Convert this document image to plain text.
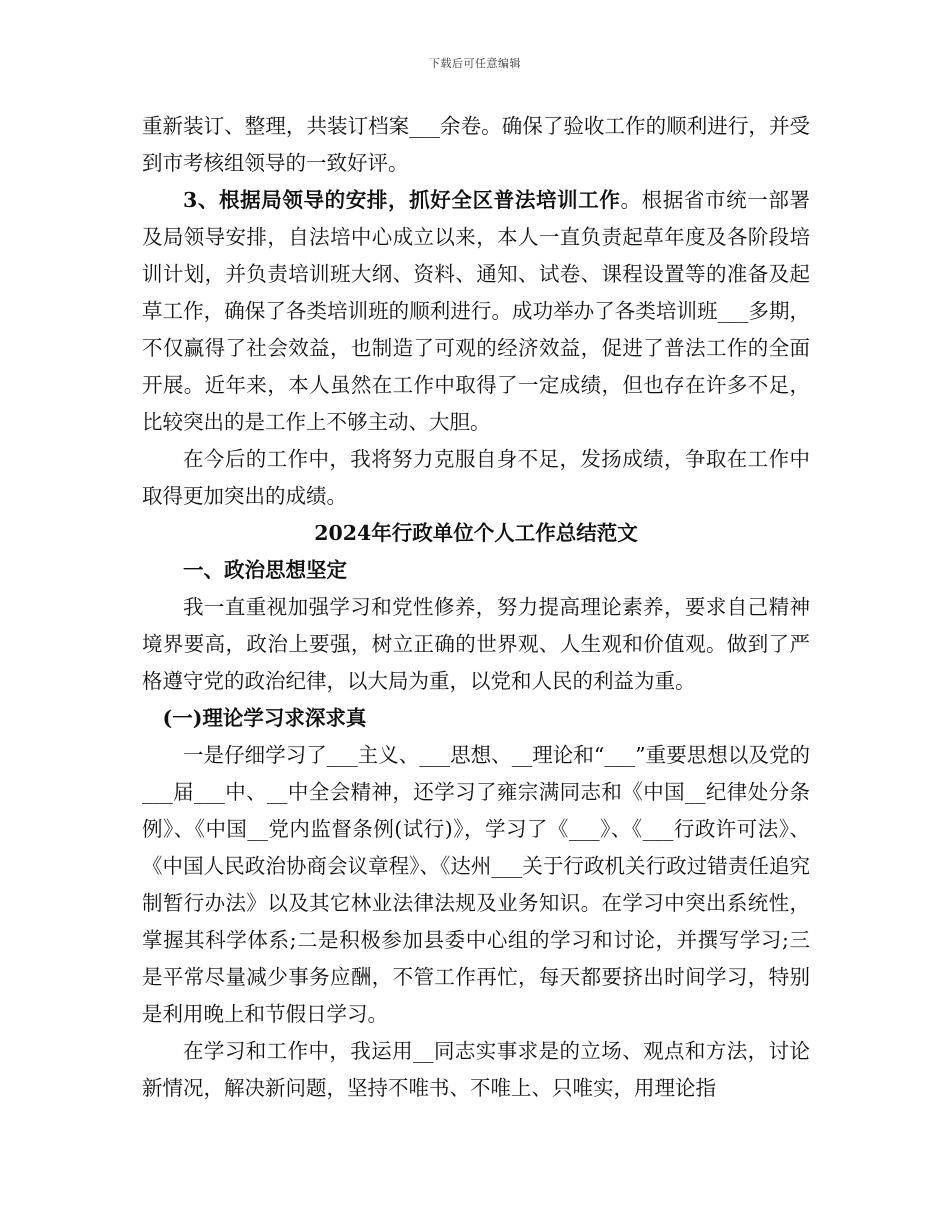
下载后可任意编辑

重新装订、整理，共装订档案___余卷。确保了验收工作的顺利进行，并受到市考核组领导的一致好评。

3、根据局领导的安排，抓好全区普法培训工作。根据省市统一部署及局领导安排，自法培中心成立以来，本人一直负责起草年度及各阶段培训计划，并负责培训班大纲、资料、通知、试卷、课程设置等的准备及起草工作，确保了各类培训班的顺利进行。成功举办了各类培训班___多期，不仅赢得了社会效益，也制造了可观的经济效益，促进了普法工作的全面开展。近年来，本人虽然在工作中取得了一定成绩，但也存在许多不足，比较突出的是工作上不够主动、大胆。

在今后的工作中，我将努力克服自身不足，发扬成绩，争取在工作中取得更加突出的成绩。

2024年行政单位个人工作总结范文
一、政治思想坚定

我一直重视加强学习和党性修养，努力提高理论素养，要求自己精神境界要高，政治上要强，树立正确的世界观、人生观和价值观。做到了严格遵守党的政治纪律，以大局为重，以党和人民的利益为重。

(一)理论学习求深求真

一是仔细学习了___主义、___思想、__理论和“___”重要思想以及党的___届___中、__中全会精神，还学习了雍宗满同志和《中国__纪律处分条例》、《中国__党内监督条例(试行)》，学习了《___》、《___行政许可法》、《中国人民政治协商会议章程》、《达州___关于行政机关行政过错责任追究制暂行办法》以及其它林业法律法规及业务知识。在学习中突出系统性，掌握其科学体系;二是积极参加县委中心组的学习和讨论，并撰写学习;三是平常尽量减少事务应酬，不管工作再忙，每天都要挤出时间学习，特别是利用晚上和节假日学习。

在学习和工作中，我运用__同志实事求是的立场、观点和方法，讨论新情况，解决新问题，坚持不唯书、不唯上、只唯实，用理论指
